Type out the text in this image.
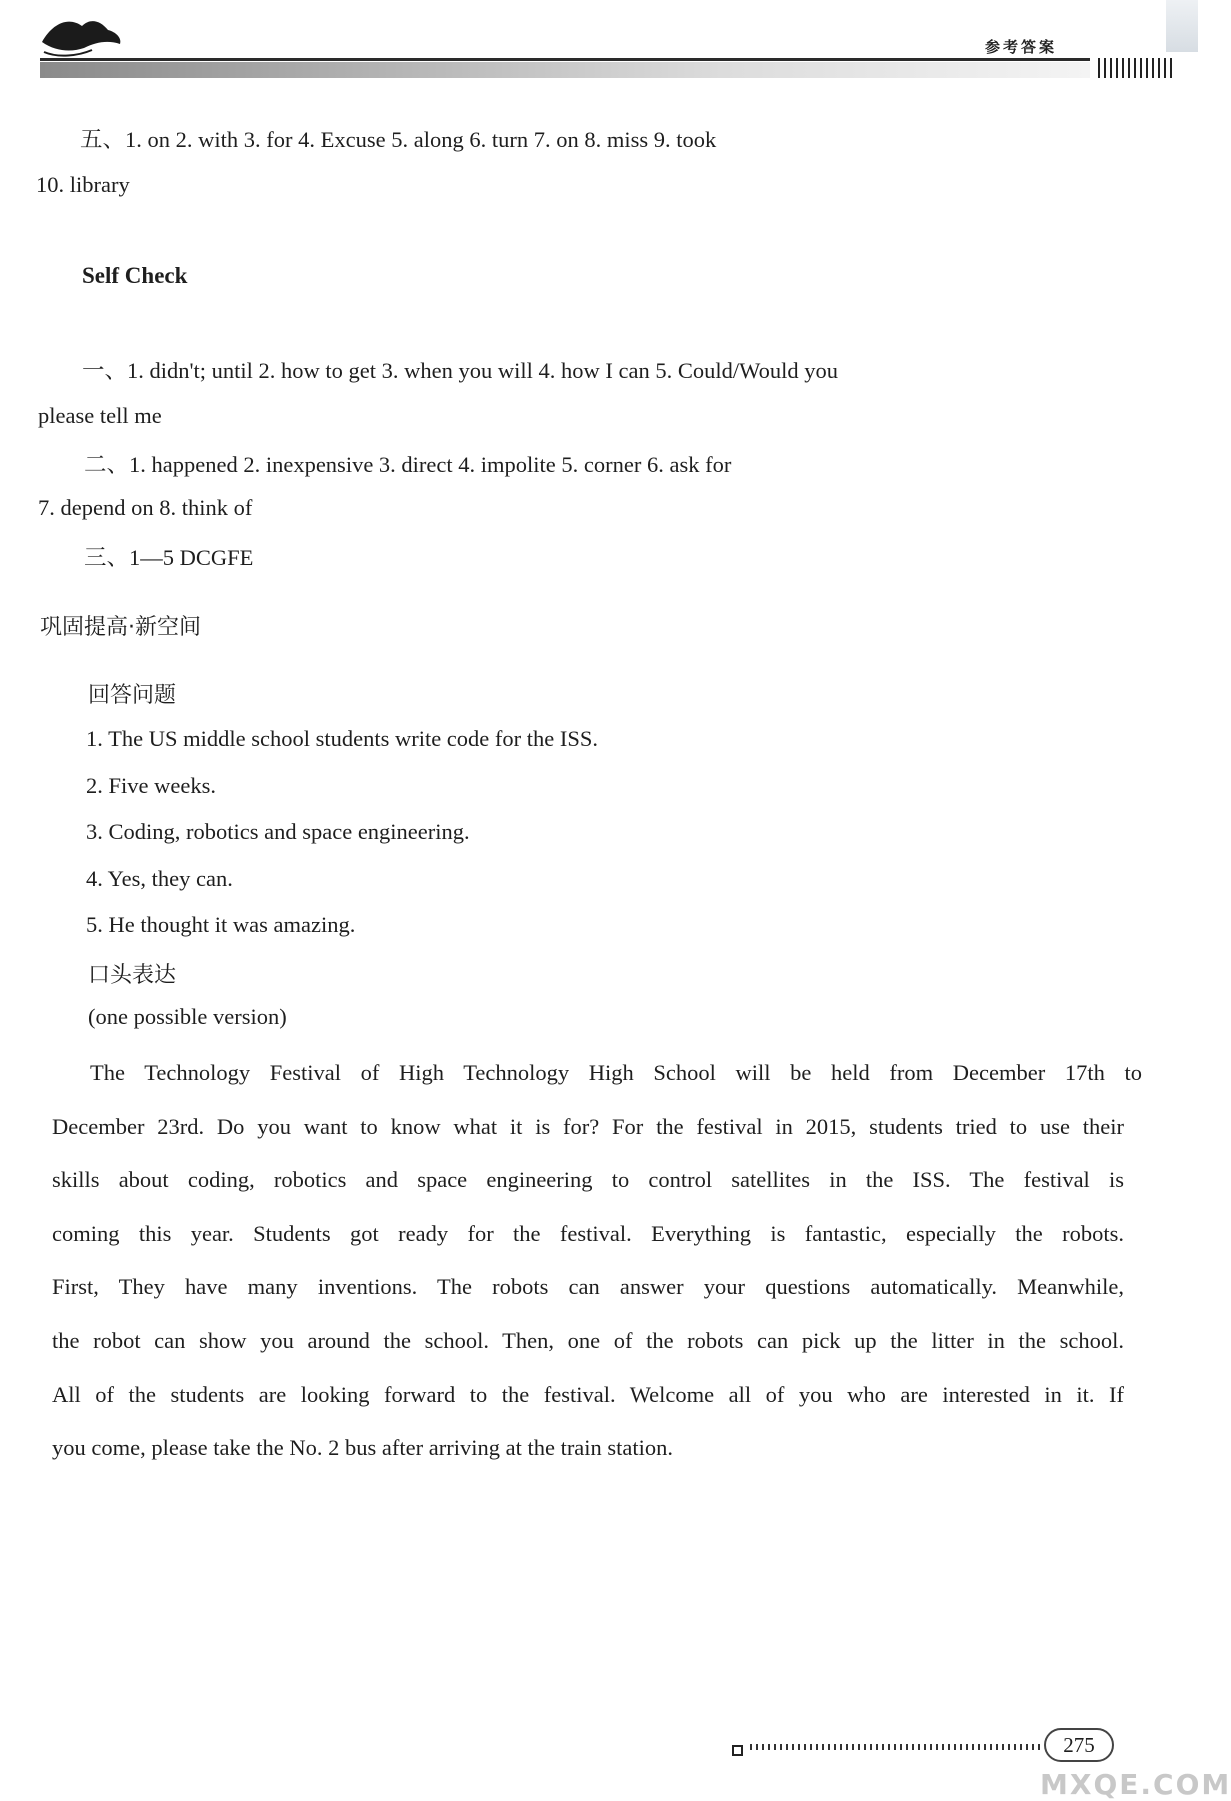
参考答案
五、1. on 2. with 3. for 4. Excuse 5. along 6. turn 7. on 8. miss 9. took
10. library
Self Check
一、1. didn't; until 2. how to get 3. when you will 4. how I can 5. Could/Would you
please tell me
二、1. happened 2. inexpensive 3. direct 4. impolite 5. corner 6. ask for
7. depend on 8. think of
三、1—5 DCGFE
巩固提高·新空间
回答问题
1. The US middle school students write code for the ISS.
2. Five weeks.
3. Coding, robotics and space engineering.
4. Yes, they can.
5. He thought it was amazing.
口头表达
(one possible version)
The Technology Festival of High Technology High School will be held from December 17th to
December 23rd. Do you want to know what it is for? For the festival in 2015, students tried to use their
skills about coding, robotics and space engineering to control satellites in the ISS. The festival is
coming this year. Students got ready for the festival. Everything is fantastic, especially the robots.
First, They have many inventions. The robots can answer your questions automatically. Meanwhile,
the robot can show you around the school. Then, one of the robots can pick up the litter in the school.
All of the students are looking forward to the festival. Welcome all of you who are interested in it. If
you come, please take the No. 2 bus after arriving at the train station.
275
MXQE.COM
